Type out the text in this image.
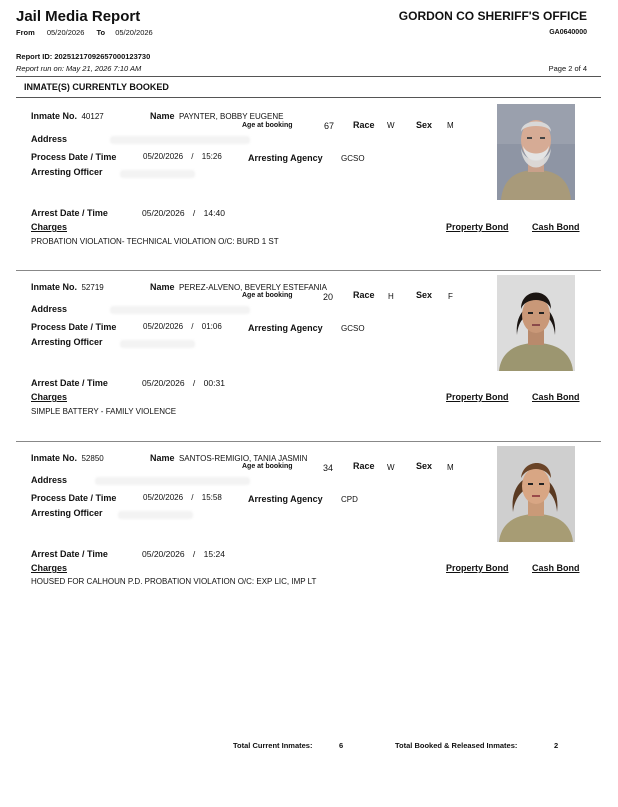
Jail Media Report	GORDON CO SHERIFF'S OFFICE
GA0640000
From 05/20/2026 To 05/20/2026
Report ID: 20251217092657000123730
Report run on: May 21, 2026 7:10 AM	Page 2 of 4
INMATE(S) CURRENTLY BOOKED
Inmate No. 40127	Name PAYNTER, BOBBY EUGENE
Age at booking	67 Race W Sex M
Address
Process Date / Time	05/20/2026 / 15:26	Arresting Agency GCSO
Arresting Officer
Arrest Date / Time	05/20/2026 / 14:40
Charges	Property Bond	Cash Bond
PROBATION VIOLATION- TECHNICAL VIOLATION O/C: BURD 1 ST
Inmate No. 52719	Name PEREZ-ALVENO, BEVERLY ESTEFANIA
Age at booking	20 Race H Sex F
Address
Process Date / Time	05/20/2026 / 01:06	Arresting Agency GCSO
Arresting Officer
Arrest Date / Time	05/20/2026 / 00:31
Charges	Property Bond	Cash Bond
SIMPLE BATTERY - FAMILY VIOLENCE
Inmate No. 52850	Name SANTOS-REMIGIO, TANIA JASMIN
Age at booking	34 Race W Sex M
Address
Process Date / Time	05/20/2026 / 15:58	Arresting Agency CPD
Arresting Officer
Arrest Date / Time	05/20/2026 / 15:24
Charges	Property Bond	Cash Bond
HOUSED FOR CALHOUN P.D. PROBATION VIOLATION O/C: EXP LIC, IMP LT
Total Current Inmates:	6	Total Booked & Released Inmates:	2
